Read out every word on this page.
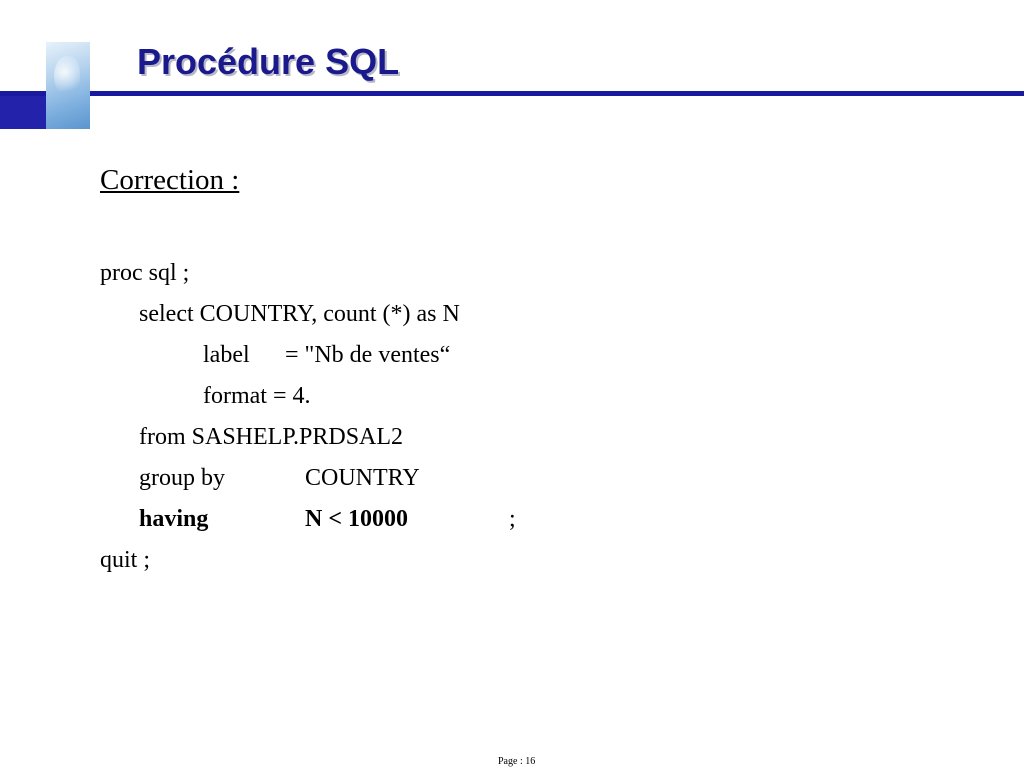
Procédure SQL
Correction :

proc sql ;

select COUNTRY, count (*) as N

label

= "Nb de ventes“

format = 4.

from SASHELP.PRDSAL2

group by

	COUNTRY

having

	N < 10000

	;

quit ;

Page : 16
